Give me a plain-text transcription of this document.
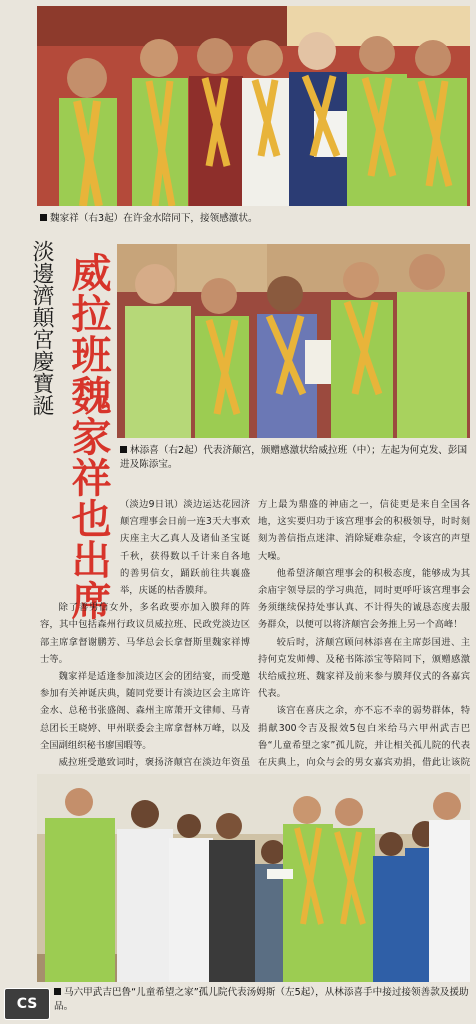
魏家祥（右3起）在许金水陪同下，接领感激状。
淡邊濟顛宮慶寶誕 威拉班魏家祥也出席	林添喜（右2起）代表济颠宫，颁赠感激状给威拉班（中）；左起为何克发、彭国进及陈添宝。

（淡边9日讯）淡边运达花园济颠宫理事会日前一连3天大事欢庆座主大乙真人及诸仙圣宝诞千秋，获得数以千计来自各地的善男信女，踊跃前往共襄盛举，庆诞的枯香膜拜。

除了善男信女外，多名政要亦加入膜拜的阵容，其中包括森州行政议员威拉班、民政党淡边区部主席拿督谢鹏芳、马华总会长拿督斯里魏家祥博士等。

魏家祥是适逢参加淡边区会的团结宴，而受邀参加有关神诞庆典，随同党要计有淡边区会主席许金水、总秘书张盛阁、森州主席萧开文律师、马青总团长王晓婷、甲州联委会主席拿督林万峰，以及全国副组织秘书廖国暇等。

威拉班受邀致词时，褒扬济颠宫在淡边年资虽

方上最为鼎盛的神庙之一，信徒更是来自全国各地，这实要归功于该宫理事会的积极领导，时时刻刻为善信指点迷津、消除疑难杂症，令该宫的声望大噪。

他希望济颠宫理事会的积极态度，能够成为其余庙宇领导层的学习典范，同时更呼吁该宫理事会务须继续保持处事认真、不计得失的诚恳态度去服务群众，以便可以将济颠宫会务推上另一个高峰！

较后时，济颠宫顾问林添喜在主席彭国进、主持何克发师傅、及秘书陈添宝等陪同下，颁赠感激状给威拉班、魏家祥及前来参与膜拜仪式的各嘉宾代表。

该宫在喜庆之余，亦不忘不幸的弱势群体，特捐献300令吉及报效5包白米给马六甲州武吉巴鲁“儿童希望之家”孤儿院，并让相关孤儿院的代表在庆典上，向众与会的男女嘉宾劝捐，借此让该院

马六甲武吉巴鲁“儿童希望之家”孤儿院代表汤姆斯（左5起），从林添喜手中接过接领善款及援助品。
CS
